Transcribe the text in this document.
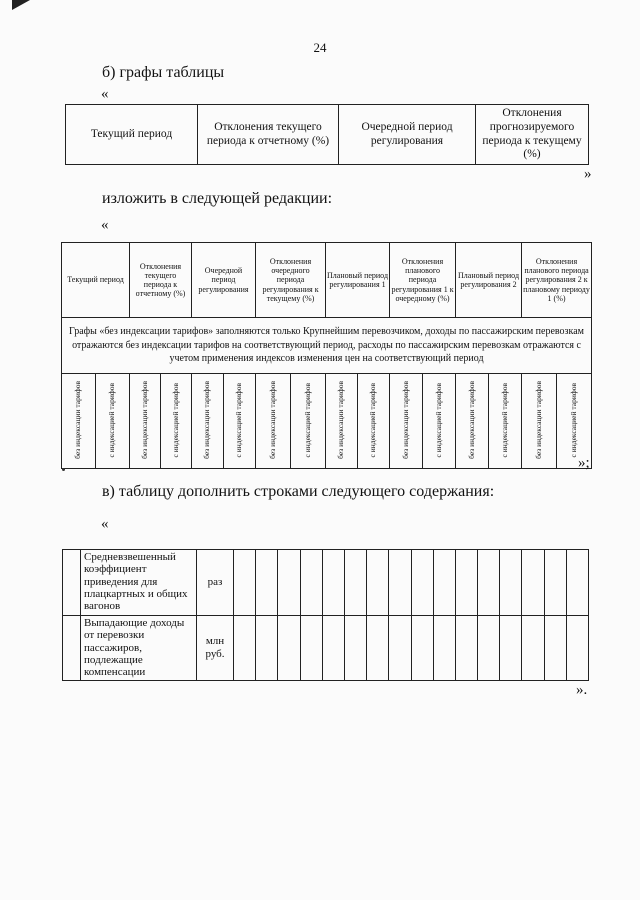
24
б) графы таблицы
«
Текущий период	Отклонения текущего периода к отчетному (%)	Очередной период регулирования	Отклонения прогнозируемого периода к текущему (%)
»
изложить в следующей редакции:
«
Текущий период		Отклонения текущего периода к отчетному (%)		Очередной период регулирования		Отклонения очередного периода регулирования к текущему (%)		Плановый период регулирования 1		Отклонения планового периода регулирования 1 к очередному (%)		Плановый период регулирования 2		Отклонения планового периода регулирования 2 к плановому периоду 1 (%)	
Графы «без индексации тарифов» заполняются только Крупнейшим перевозчиком, доходы по пассажирским перевозкам отражаются без индексации тарифов на соответствующий период, расходы по пассажирским перевозкам отражаются с учетом применения индексов изменения цен на соответствующий период															
без индексации тарифов	с индексацией тарифов	без индексации тарифов	с индексацией тарифов	без индексации тарифов	с индексацией тарифов	без индексации тарифов	с индексацией тарифов	без индексации тарифов	с индексацией тарифов	без индексации тарифов	с индексацией тарифов	без индексации тарифов	с индексацией тарифов	без индексации тарифов	с индексацией тарифов
»;
в) таблицу дополнить строками следующего содержания:
«
	Средневзвешенный коэффициент приведения для плацкартных и общих вагонов	раз																
	Выпадающие доходы от перевозки пассажиров, подлежащие компенсации	млн руб.																
».
